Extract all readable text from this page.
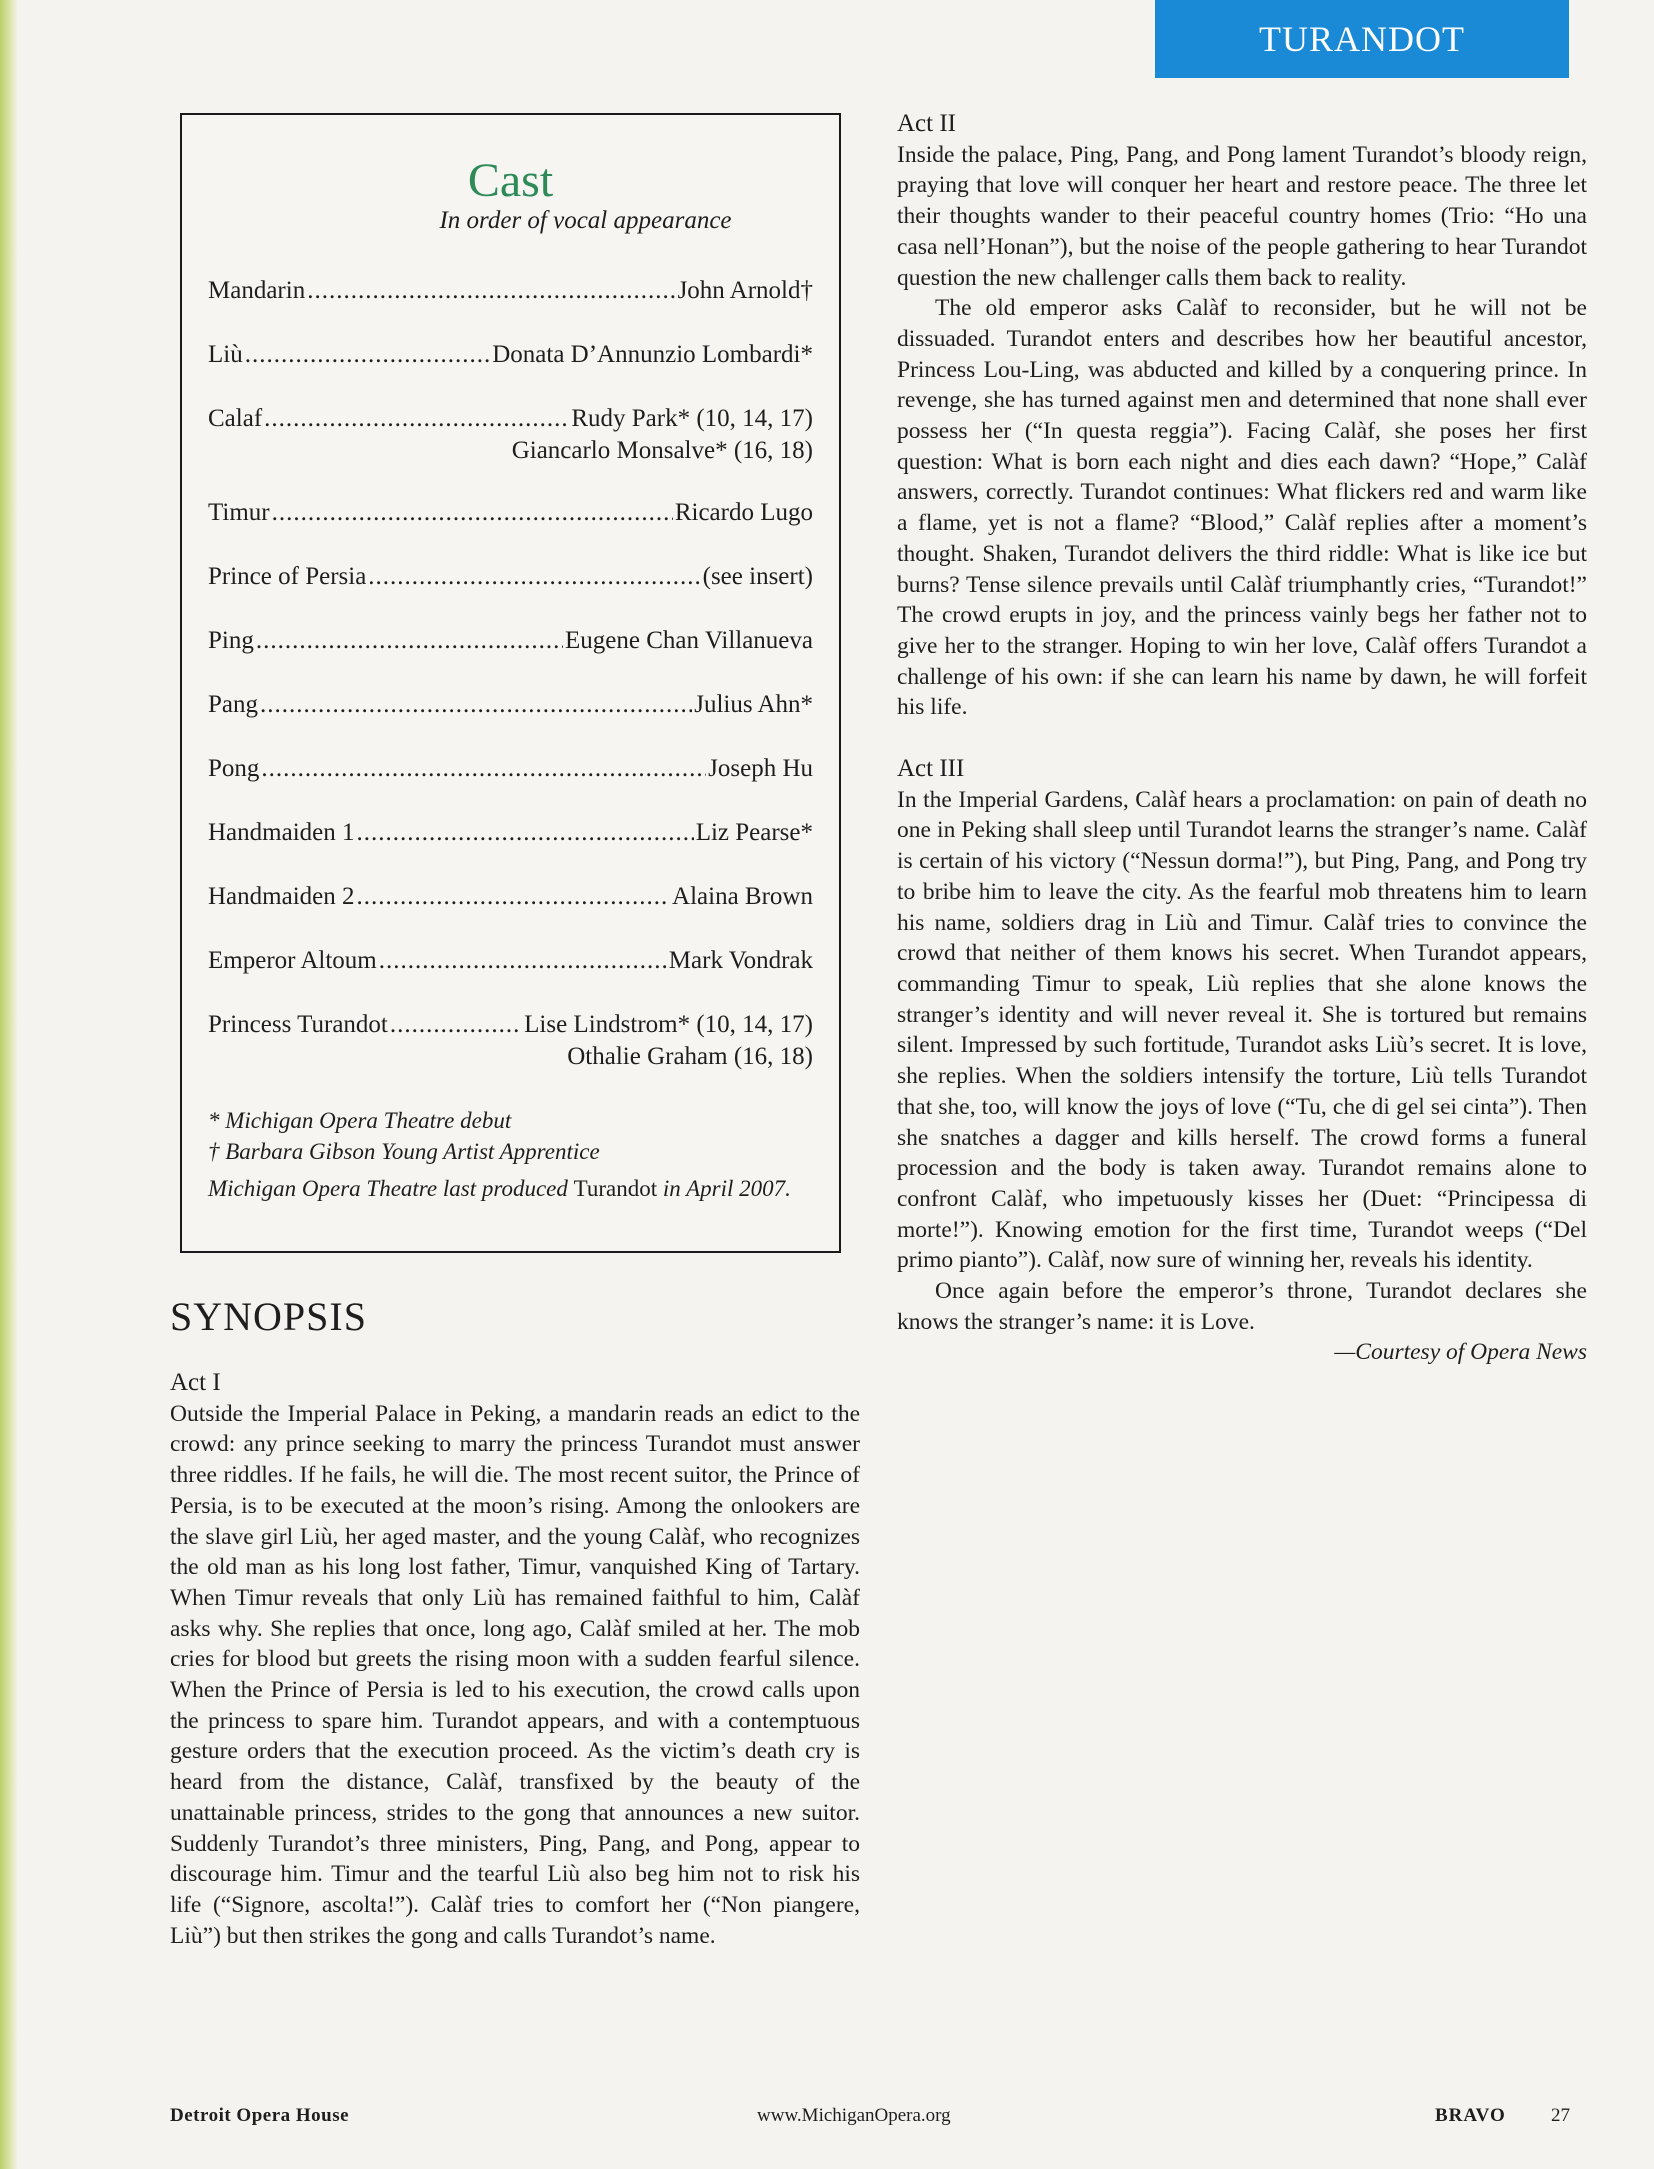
TURANDOT
Cast
In order of vocal appearance
Mandarin .....	John Arnold†
Liù .....	Donata D’Annunzio Lombardi*
Calaf .....	Rudy Park* (10, 14, 17)
Giancarlo Monsalve* (16, 18)
Timur .....	Ricardo Lugo
Prince of Persia .....	(see insert)
Ping .....	Eugene Chan Villanueva
Pang .....	Julius Ahn*
Pong .....	Joseph Hu
Handmaiden 1 .....	Liz Pearse*
Handmaiden 2 .....	Alaina Brown
Emperor Altoum .....	Mark Vondrak
Princess Turandot .....	Lise Lindstrom* (10, 14, 17)
Othalie Graham (16, 18)

* Michigan Opera Theatre debut

† Barbara Gibson Young Artist Apprentice

Michigan Opera Theatre last produced Turandot in April 2007.

SYNOPSIS

Act I

Outside the Imperial Palace in Peking, a mandarin reads an edict to the crowd: any prince seeking to marry the princess Turandot must answer three riddles. If he fails, he will die. The most recent suitor, the Prince of Persia, is to be executed at the moon’s rising. Among the onlookers are the slave girl Liù, her aged master, and the young Calàf, who recognizes the old man as his long lost father, Timur, vanquished King of Tartary. When Timur reveals that only Liù has remained faithful to him, Calàf asks why. She replies that once, long ago, Calàf smiled at her. The mob cries for blood but greets the rising moon with a sudden fearful silence. When the Prince of Persia is led to his execution, the crowd calls upon the princess to spare him. Turandot appears, and with a contemptuous gesture orders that the execution proceed. As the victim’s death cry is heard from the distance, Calàf, transfixed by the beauty of the unattainable princess, strides to the gong that announces a new suitor. Suddenly Turandot’s three ministers, Ping, Pang, and Pong, appear to discourage him. Timur and the tearful Liù also beg him not to risk his life (“Signore, ascolta!”). Calàf tries to comfort her (“Non piangere, Liù”) but then strikes the gong and calls Turandot’s name.

Act II

Inside the palace, Ping, Pang, and Pong lament Turandot’s bloody reign, praying that love will conquer her heart and restore peace. The three let their thoughts wander to their peaceful country homes (Trio: “Ho una casa nell’Honan”), but the noise of the people gathering to hear Turandot question the new challenger calls them back to reality.

The old emperor asks Calàf to reconsider, but he will not be dissuaded. Turandot enters and describes how her beautiful ancestor, Princess Lou-Ling, was abducted and killed by a conquering prince. In revenge, she has turned against men and determined that none shall ever possess her (“In questa reggia”). Facing Calàf, she poses her first question: What is born each night and dies each dawn? “Hope,” Calàf answers, correctly. Turandot continues: What flickers red and warm like a flame, yet is not a flame? “Blood,” Calàf replies after a moment’s thought. Shaken, Turandot delivers the third riddle: What is like ice but burns? Tense silence prevails until Calàf triumphantly cries, “Turandot!” The crowd erupts in joy, and the princess vainly begs her father not to give her to the stranger. Hoping to win her love, Calàf offers Turandot a challenge of his own: if she can learn his name by dawn, he will forfeit his life.

Act III

In the Imperial Gardens, Calàf hears a proclamation: on pain of death no one in Peking shall sleep until Turandot learns the stranger’s name. Calàf is certain of his victory (“Nessun dorma!”), but Ping, Pang, and Pong try to bribe him to leave the city. As the fearful mob threatens him to learn his name, soldiers drag in Liù and Timur. Calàf tries to convince the crowd that neither of them knows his secret. When Turandot appears, commanding Timur to speak, Liù replies that she alone knows the stranger’s identity and will never reveal it. She is tortured but remains silent. Impressed by such fortitude, Turandot asks Liù’s secret. It is love, she replies. When the soldiers intensify the torture, Liù tells Turandot that she, too, will know the joys of love (“Tu, che di gel sei cinta”). Then she snatches a dagger and kills herself. The crowd forms a funeral procession and the body is taken away. Turandot remains alone to confront Calàf, who impetuously kisses her (Duet: “Principessa di morte!”). Knowing emotion for the first time, Turandot weeps (“Del primo pianto”). Calàf, now sure of winning her, reveals his identity.

Once again before the emperor’s throne, Turandot declares she knows the stranger’s name: it is Love.

—Courtesy of Opera News

Detroit Opera House	www.MichiganOpera.org	BRAVO 27
